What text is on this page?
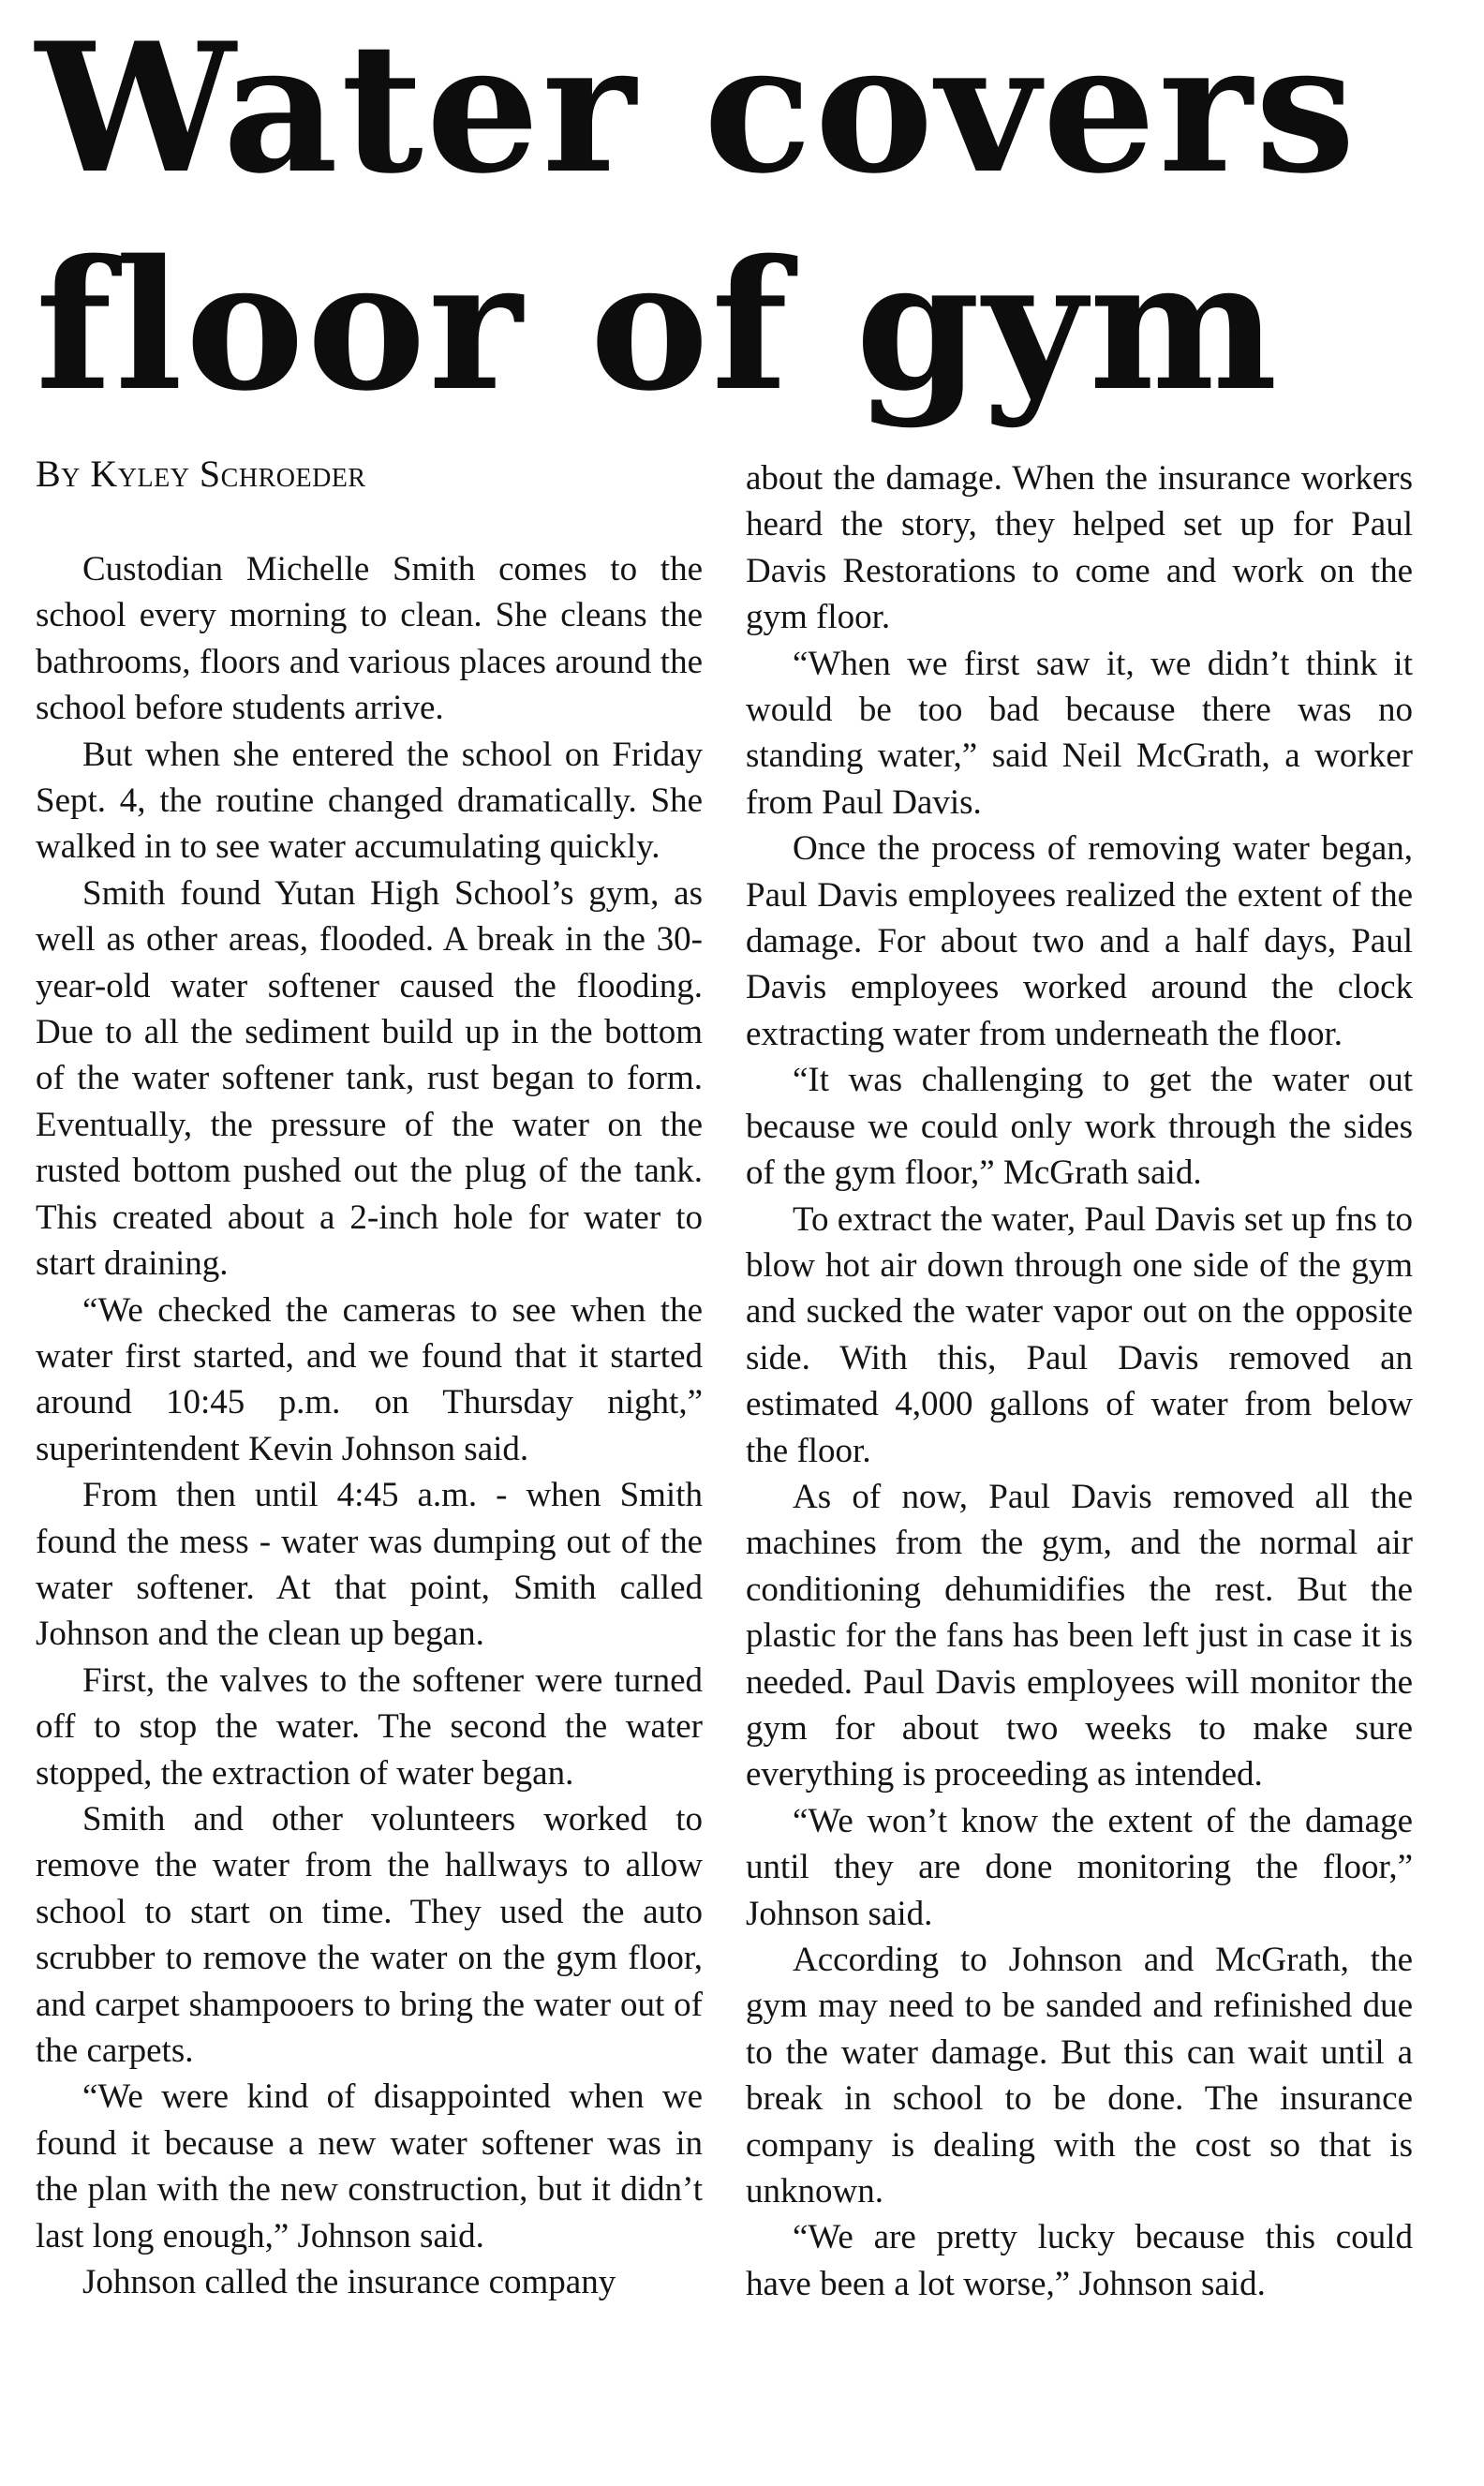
Water covers
floor of gym
By Kyley Schroeder

Custodian Michelle Smith comes to the school every morning to clean. She cleans the bathrooms, floors and various places around the school before students arrive.

But when she entered the school on Friday Sept. 4, the routine changed dramatically. She walked in to see water accumulating quickly.

Smith found Yutan High School’s gym, as well as other areas, flooded. A break in the 30-year-old water softener caused the flooding. Due to all the sediment build up in the bottom of the water softener tank, rust began to form. Eventually, the pressure of the water on the rusted bottom pushed out the plug of the tank. This created about a 2-inch hole for water to start draining.

“We checked the cameras to see when the water first started, and we found that it started around 10:45 p.m. on Thursday night,” superintendent Kevin Johnson said.

From then until 4:45 a.m. - when Smith found the mess - water was dumping out of the water softener. At that point, Smith called Johnson and the clean up began.

First, the valves to the softener were turned off to stop the water. The second the water stopped, the extraction of water began.

Smith and other volunteers worked to remove the water from the hallways to allow school to start on time. They used the auto scrubber to remove the water on the gym floor, and carpet shampooers to bring the water out of the carpets.

“We were kind of disappointed when we found it because a new water softener was in the plan with the new construction, but it didn’t last long enough,” Johnson said.

Johnson called the insurance company

about the damage. When the insurance workers heard the story, they helped set up for Paul Davis Restorations to come and work on the gym floor.

“When we first saw it, we didn’t think it would be too bad because there was no standing water,” said Neil McGrath, a worker from Paul Davis.

Once the process of removing water began, Paul Davis employees realized the extent of the damage. For about two and a half days, Paul Davis employees worked around the clock extracting water from underneath the floor.

“It was challenging to get the water out because we could only work through the sides of the gym floor,” McGrath said.

To extract the water, Paul Davis set up fns to blow hot air down through one side of the gym and sucked the water vapor out on the opposite side. With this, Paul Davis removed an estimated 4,000 gallons of water from below the floor.

As of now, Paul Davis removed all the machines from the gym, and the normal air conditioning dehumidifies the rest. But the plastic for the fans has been left just in case it is needed. Paul Davis employees will monitor the gym for about two weeks to make sure everything is proceeding as intended.

“We won’t know the extent of the damage until they are done monitoring the floor,” Johnson said.

According to Johnson and McGrath, the gym may need to be sanded and refinished due to the water damage. But this can wait until a break in school to be done. The insurance company is dealing with the cost so that is unknown.

“We are pretty lucky because this could have been a lot worse,” Johnson said.
